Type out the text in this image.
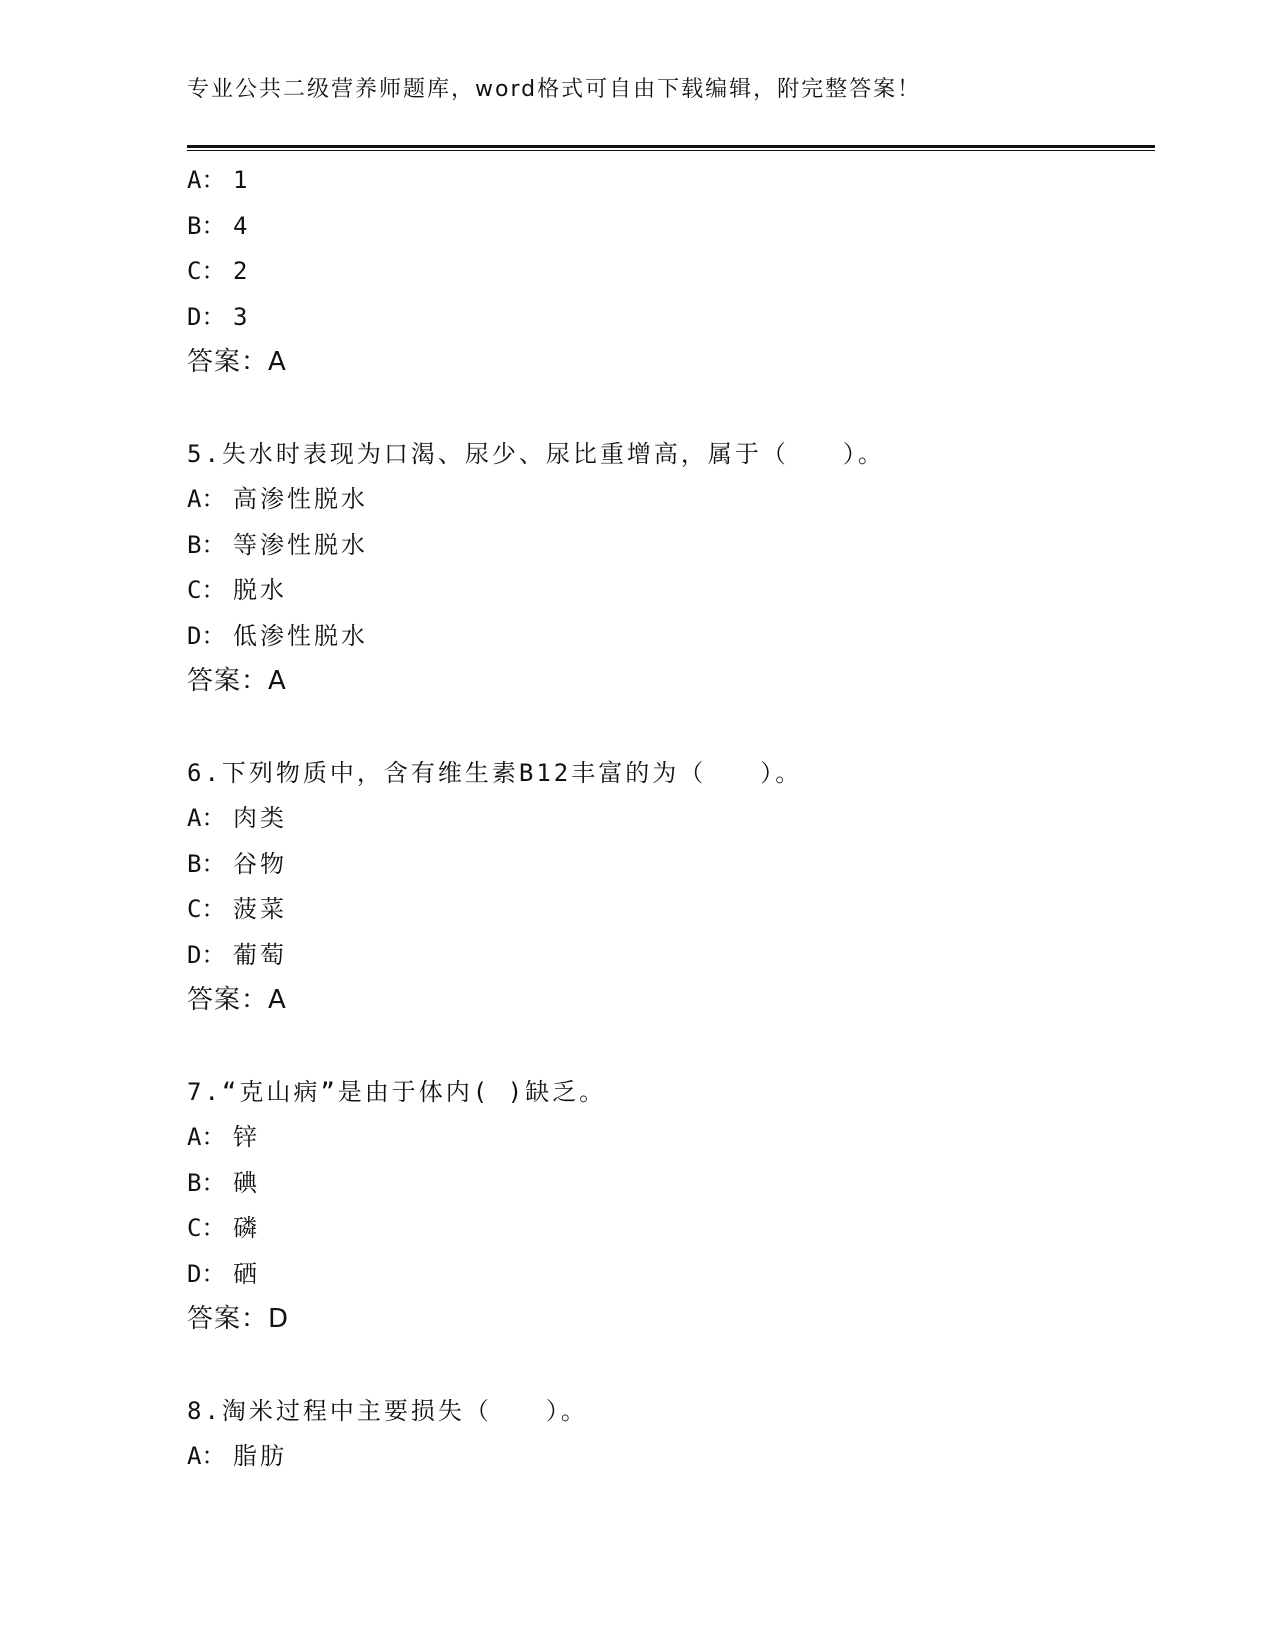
专业公共二级营养师题库，word格式可自由下载编辑，附完整答案！
A： 1
B： 4
C： 2
D： 3
答案：A
5.失水时表现为口渴、尿少、尿比重增高，属于（　　）。
A： 高渗性脱水
B： 等渗性脱水
C： 脱水
D： 低渗性脱水
答案：A
6.下列物质中，含有维生素B12丰富的为（　　）。
A： 肉类
B： 谷物
C： 菠菜
D： 葡萄
答案：A
7.“克山病”是由于体内( )缺乏。
A： 锌
B： 碘
C： 磷
D： 硒
答案：D
8.淘米过程中主要损失（　　）。
A： 脂肪
